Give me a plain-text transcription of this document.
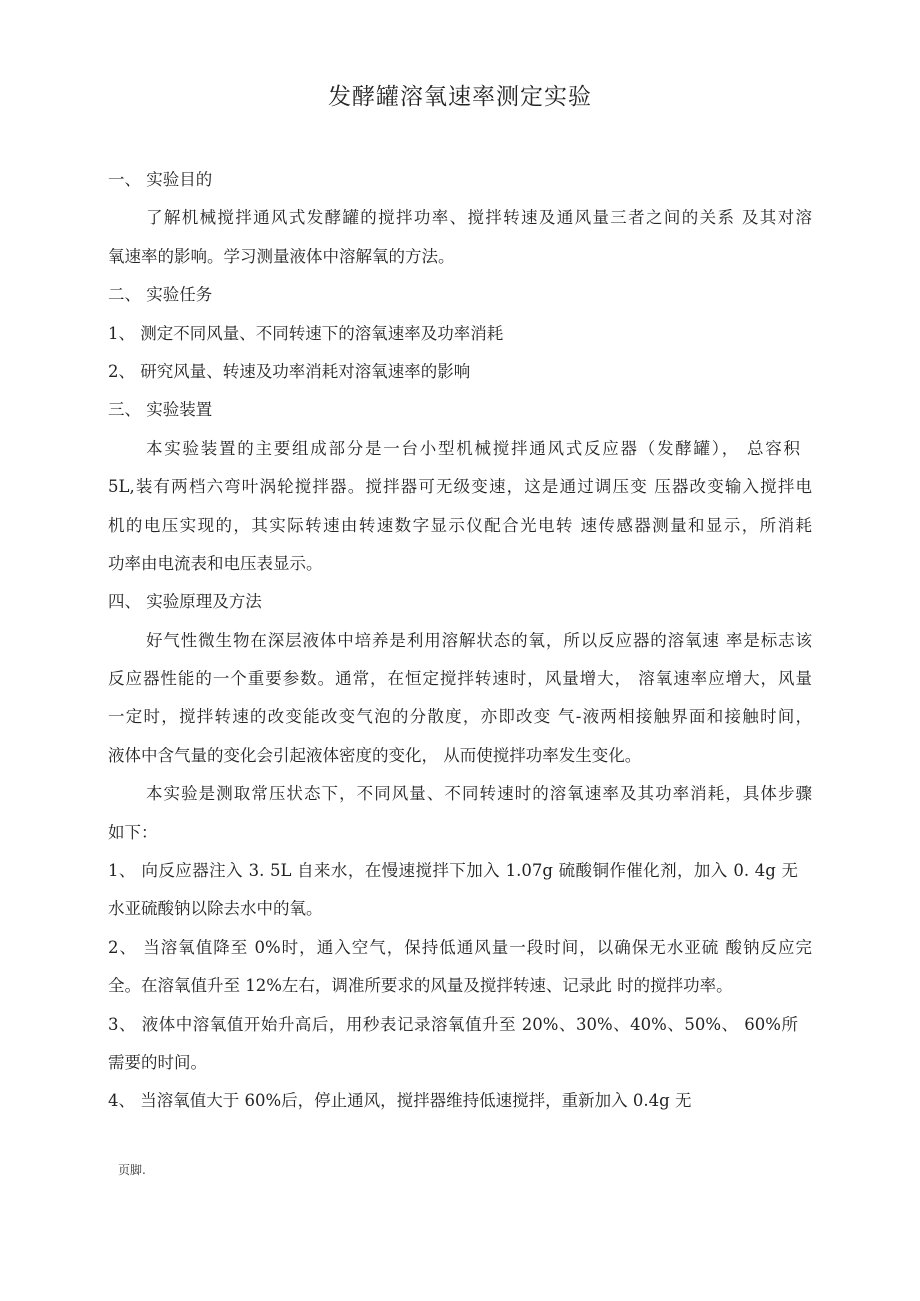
发酵罐溶氧速率测定实验
一、 实验目的
了解机械搅拌通风式发酵罐的搅拌功率、搅拌转速及通风量三者之间的关系 及其对溶
氧速率的影响。学习测量液体中溶解氧的方法。
二、 实验任务
1、 测定不同风量、不同转速下的溶氧速率及功率消耗
2、 研究风量、转速及功率消耗对溶氧速率的影响
三、 实验装置
本实验装置的主要组成部分是一台小型机械搅拌通风式反应器（发酵罐）， 总容积
5L,装有两档六弯叶涡轮搅拌器。搅拌器可无级变速，这是通过调压变 压器改变输入搅拌电
机的电压实现的，其实际转速由转速数字显示仪配合光电转 速传感器测量和显示，所消耗
功率由电流表和电压表显示。
四、 实验原理及方法
好气性微生物在深层液体中培养是利用溶解状态的氧，所以反应器的溶氧速 率是标志该
反应器性能的一个重要参数。通常，在恒定搅拌转速时，风量增大， 溶氧速率应增大，风量
一定时，搅拌转速的改变能改变气泡的分散度，亦即改变 气-液两相接触界面和接触时间，
液体中含气量的变化会引起液体密度的变化， 从而使搅拌功率发生变化。
本实验是测取常压状态下，不同风量、不同转速时的溶氧速率及其功率消耗，具体步骤
如下：
1、 向反应器注入 3. 5L 自来水，在慢速搅拌下加入 1.07g 硫酸铜作催化剂，加入 0. 4g 无
水亚硫酸钠以除去水中的氧。
2、 当溶氧值降至 0%时，通入空气，保持低通风量一段时间，以确保无水亚硫 酸钠反应完
全。在溶氧值升至 12%左右，调准所要求的风量及搅拌转速、记录此 时的搅拌功率。
3、 液体中溶氧值开始升高后，用秒表记录溶氧值升至 20%、30%、40%、50%、 60%所
需要的时间。
4、 当溶氧值大于 60%后，停止通风，搅拌器维持低速搅拌，重新加入 0.4g 无
页脚.
